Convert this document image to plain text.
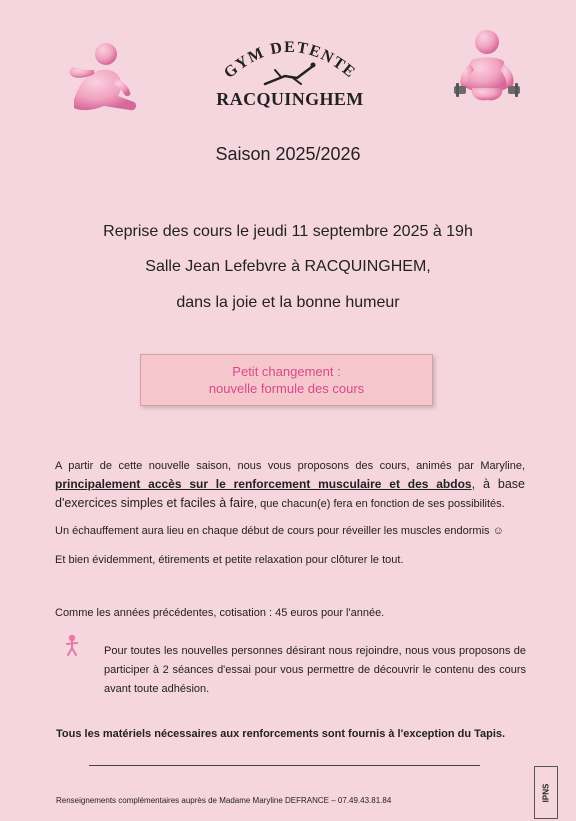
GYM DETENTE
RACQUINGHEM
Saison 2025/2026
Reprise des cours le jeudi 11 septembre 2025 à 19h
Salle Jean Lefebvre à RACQUINGHEM,
dans la joie et la bonne humeur
Petit changement :
nouvelle formule des cours
A partir de cette nouvelle saison, nous vous proposons des cours, animés par Maryline, principalement accès sur le renforcement musculaire et des abdos, à base d'exercices simples et faciles à faire, que chacun(e) fera en fonction de ses possibilités.
Un échauffement aura lieu en chaque début de cours pour réveiller les muscles endormis ☺
Et bien évidemment, étirements et petite relaxation pour clôturer le tout.
Comme les années précédentes, cotisation : 45 euros pour l'année.
Pour toutes les nouvelles personnes désirant nous rejoindre, nous vous proposons de participer à 2 séances d'essai pour vous permettre de découvrir le contenu des cours avant toute adhésion.
Tous les matériels nécessaires aux renforcements sont fournis à l'exception du Tapis.
Renseignements complémentaires auprès de Madame Maryline DEFRANCE – 07.49.43.81.84	IPNS
